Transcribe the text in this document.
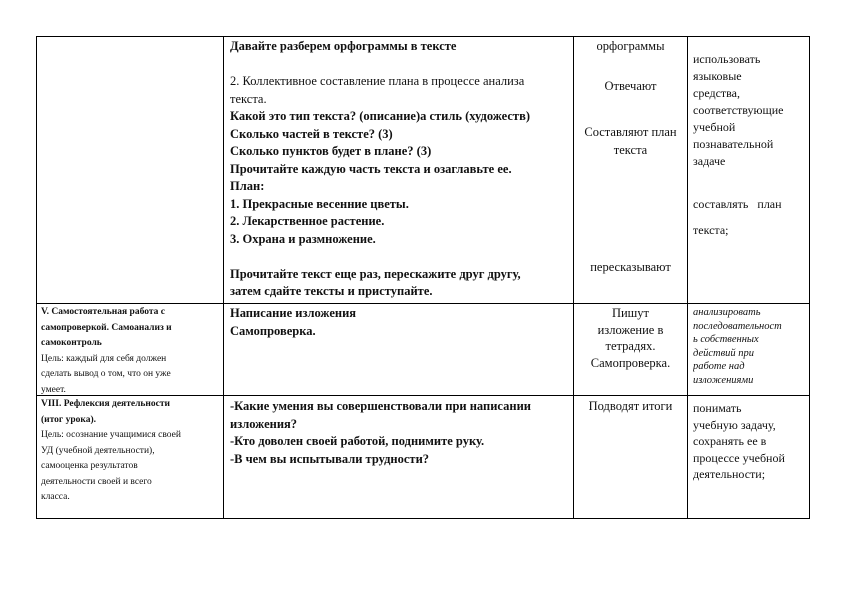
Давайте разберем орфограммы в тексте
2. Коллективное составление плана в процессе анализа
текста.
Какой это тип текста? (описание)а стиль (художеств)
Сколько частей в тексте? (3)
Сколько пунктов будет в плане? (3)
Прочитайте каждую часть текста и озаглавьте ее.
План:
1. Прекрасные весенние цветы.
2. Лекарственное растение.
3. Охрана и размножение.
Прочитайте текст еще раз, перескажите друг другу,
затем сдайте тексты и приступайте.
орфограммы
Отвечают
Составляют план
текста
пересказывают
использовать
языковые
средства,
соответствующие
учебной
познавательной
задаче
составлять   план
текста;
V. Самостоятельная работа с
самопроверкой. Самоанализ и
самоконтроль
Цель: каждый для себя должен
сделать вывод о том, что он уже
умеет.
Написание изложения
Самопроверка.
Пишут
изложение в
тетрадях.
Самопроверка.
анализировать
последовательност
ь собственных
действий при
работе над
изложениями
VIII. Рефлексия деятельности
(итог урока).
Цель: осознание учащимися своей
УД (учебной деятельности),
самооценка результатов
деятельности своей и всего
класса.
-Какие умения вы совершенствовали при написании
изложения?
-Кто доволен своей работой, поднимите руку.
-В чем вы испытывали трудности?
Подводят итоги	понимать
учебную задачу,
сохранять ее в
процессе учебной
деятельности;
